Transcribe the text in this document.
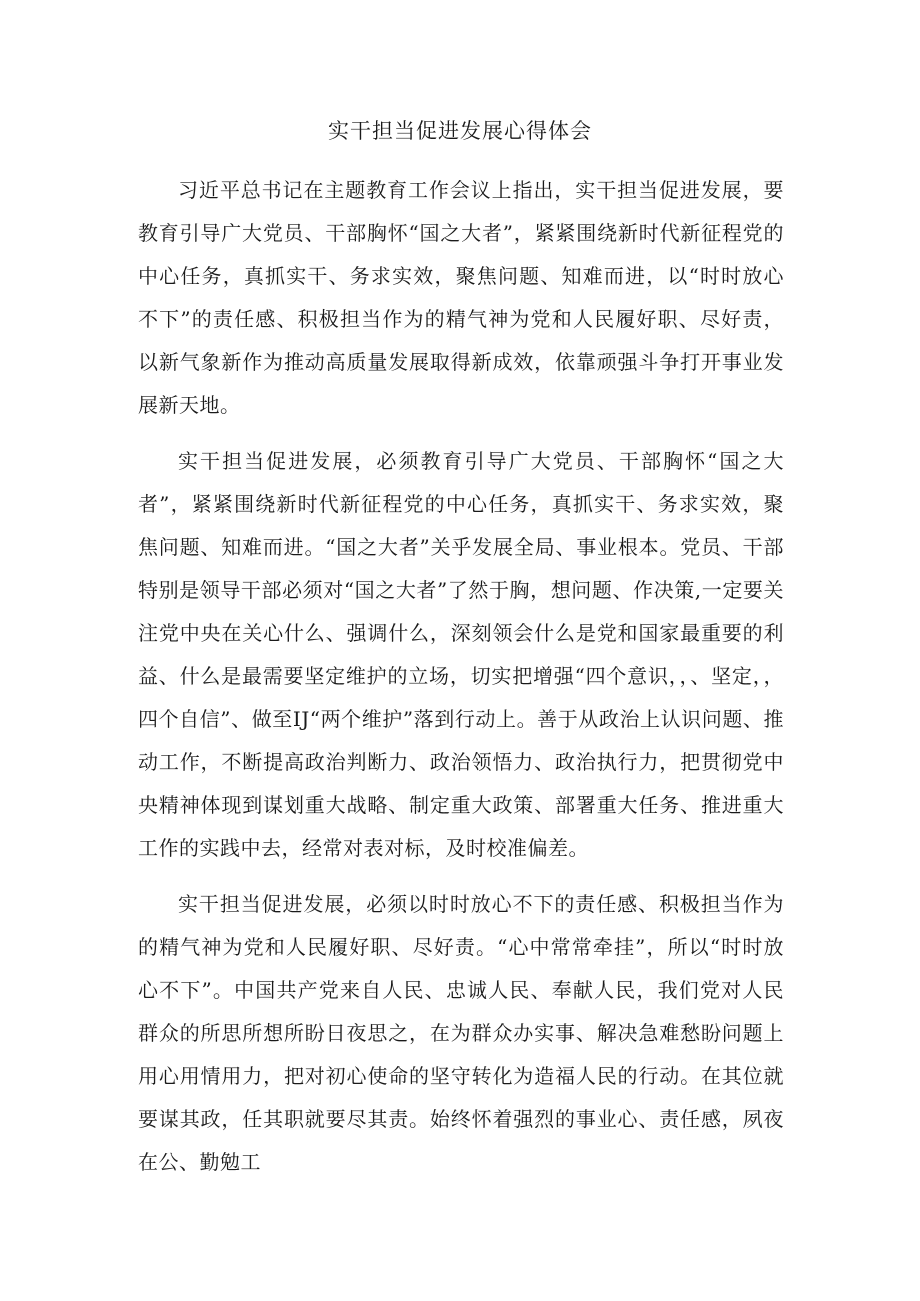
实干担当促进发展心得体会

习近平总书记在主题教育工作会议上指出，实干担当促进发展，要教育引导广大党员、干部胸怀“国之大者”，紧紧围绕新时代新征程党的中心任务，真抓实干、务求实效，聚焦问题、知难而进，以“时时放心不下”的责任感、积极担当作为的精气神为党和人民履好职、尽好责，以新气象新作为推动高质量发展取得新成效，依靠顽强斗争打开事业发展新天地。

实干担当促进发展，必须教育引导广大党员、干部胸怀“国之大者”，紧紧围绕新时代新征程党的中心任务，真抓实干、务求实效，聚焦问题、知难而进。“国之大者”关乎发展全局、事业根本。党员、干部特别是领导干部必须对“国之大者”了然于胸，想问题、作决策,一定要关注党中央在关心什么、强调什么，深刻领会什么是党和国家最重要的利益、什么是最需要坚定维护的立场，切实把增强“四个意识，，、坚定，，四个自信”、做至IJ“两个维护”落到行动上。善于从政治上认识问题、推动工作，不断提高政治判断力、政治领悟力、政治执行力，把贯彻党中央精神体现到谋划重大战略、制定重大政策、部署重大任务、推进重大工作的实践中去，经常对表对标，及时校准偏差。

实干担当促进发展，必须以时时放心不下的责任感、积极担当作为的精气神为党和人民履好职、尽好责。“心中常常牵挂”，所以“时时放心不下”。中国共产党来自人民、忠诚人民、奉献人民，我们党对人民群众的所思所想所盼日夜思之，在为群众办实事、解决急难愁盼问题上用心用情用力，把对初心使命的坚守转化为造福人民的行动。在其位就要谋其政，任其职就要尽其责。始终怀着强烈的事业心、责任感，夙夜在公、勤勉工
